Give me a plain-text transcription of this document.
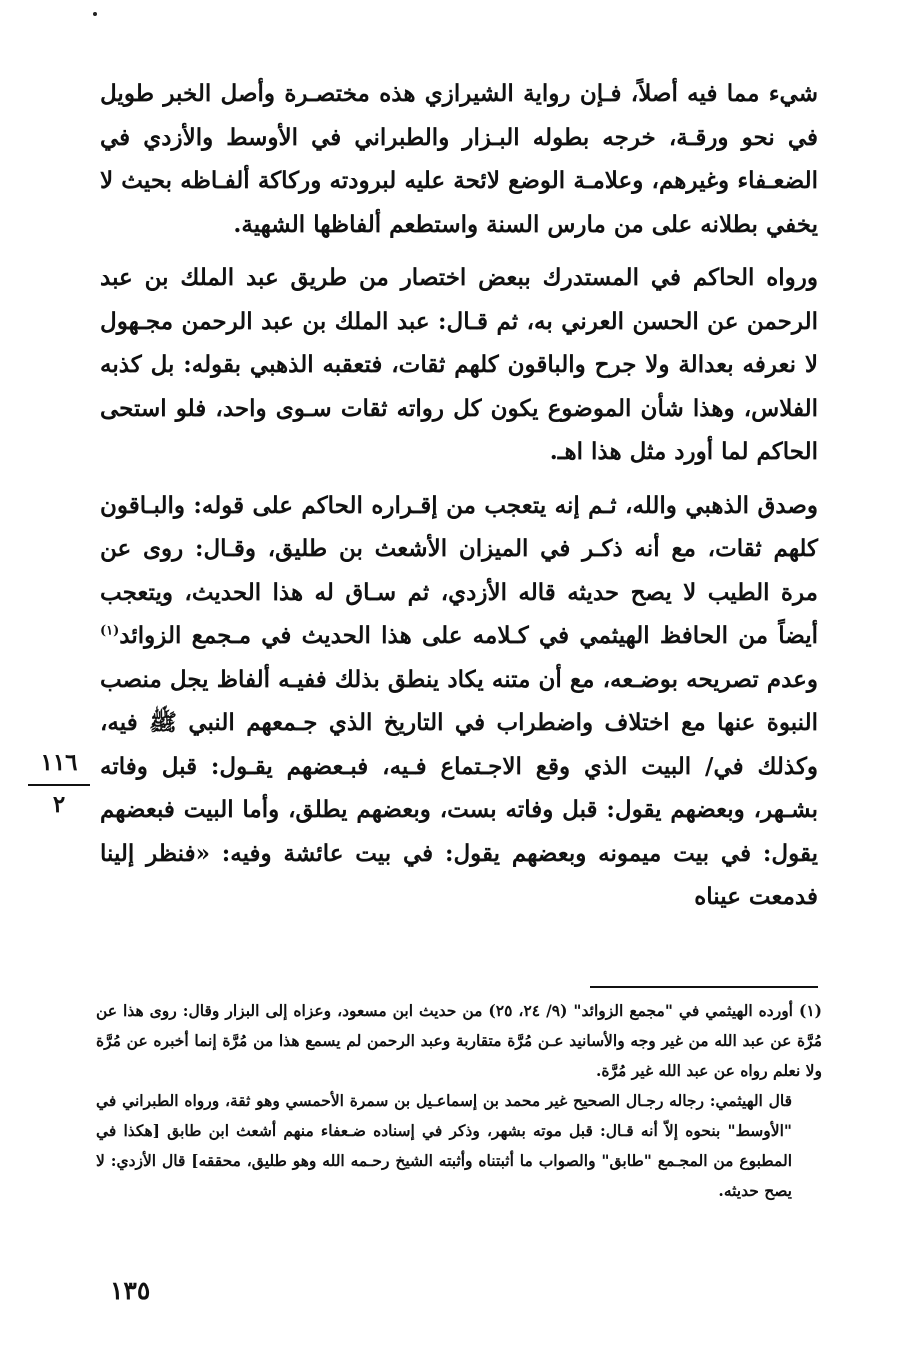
شيء مما فيه أصلاً، فـإن رواية الشيرازي هذه مختصـرة وأصل الخبر طويل في نحو ورقـة، خرجه بطوله البـزار والطبراني في الأوسط والأزدي في الضعـفاء وغيرهم، وعلامـة الوضع لائحة عليه لبرودته وركاكة ألفـاظه بحيث لا يخفي بطلانه على من مارس السنة واستطعم ألفاظها الشهية.

ورواه الحاكم في المستدرك ببعض اختصار من طريق عبد الملك بن عبد الرحمن عن الحسن العرني به، ثم قـال: عبد الملك بن عبد الرحمن مجـهول لا نعرفه بعدالة ولا جرح والباقون كلهم ثقات، فتعقبه الذهبي بقوله: بل كذبه الفلاس، وهذا شأن الموضوع يكون كل رواته ثقات سـوى واحد، فلو استحى الحاكم لما أورد مثل هذا اهـ.

وصدق الذهبي والله، ثـم إنه يتعجب من إقـراره الحاكم على قوله: والبـاقون كلهم ثقات، مع أنه ذكـر في الميزان الأشعث بن طليق، وقـال: روى عن مرة الطيب لا يصح حديثه قاله الأزدي، ثم سـاق له هذا الحديث، ويتعجب أيضاً من الحافظ الهيثمي في كـلامه على هذا الحديث في مـجمع الزوائد$^{(١)}$ وعدم تصريحه بوضـعه، مع أن متنه يكاد ينطق بذلك ففيـه ألفاظ يجل منصب النبوة عنها مع اختلاف واضطراب في التاريخ الذي جـمعهم النبي ﷺ فيه، وكذلك في/ البيت الذي وقع الاجـتماع فـيه، فبـعضهم يقـول: قبل وفاته بشـهر، وبعضهم يقول: قبل وفاته بست، وبعضهم يطلق، وأما البيت فبعضهم يقول: في بيت ميمونه وبعضهم يقول: في بيت عائشة وفيه: «فنظر إلينا فدمعت عيناه

١١٦
٢

(١)أورده الهيثمي في "مجمع الزوائد" (٩/ ٢٤، ٢٥) من حديث ابن مسعود، وعزاه إلى البزار وقال: روى هذا عن مُرَّة عن عبد الله من غير وجه والأسانيد عـن مُرَّة متقاربة وعبد الرحمن لم يسمع هذا من مُرَّة إنما أخبره عن مُرَّة ولا نعلم رواه عن عبد الله غير مُرَّة.

قال الهيثمي: رجاله رجـال الصحيح غير محمد بن إسماعـيل بن سمرة الأحمسي وهو ثقة، ورواه الطبراني في "الأوسط" بنحوه إلاّ أنه قـال: قبل موته بشهر، وذكر في إسناده ضـعفاء منهم أشعث ابن طابق [هكذا في المطبوع من المجـمع "طابق" والصواب ما أثبتناه وأثبته الشيخ رحـمه الله وهو طليق، محققه] قال الأزدي: لا يصح حديثه.

١٣٥
